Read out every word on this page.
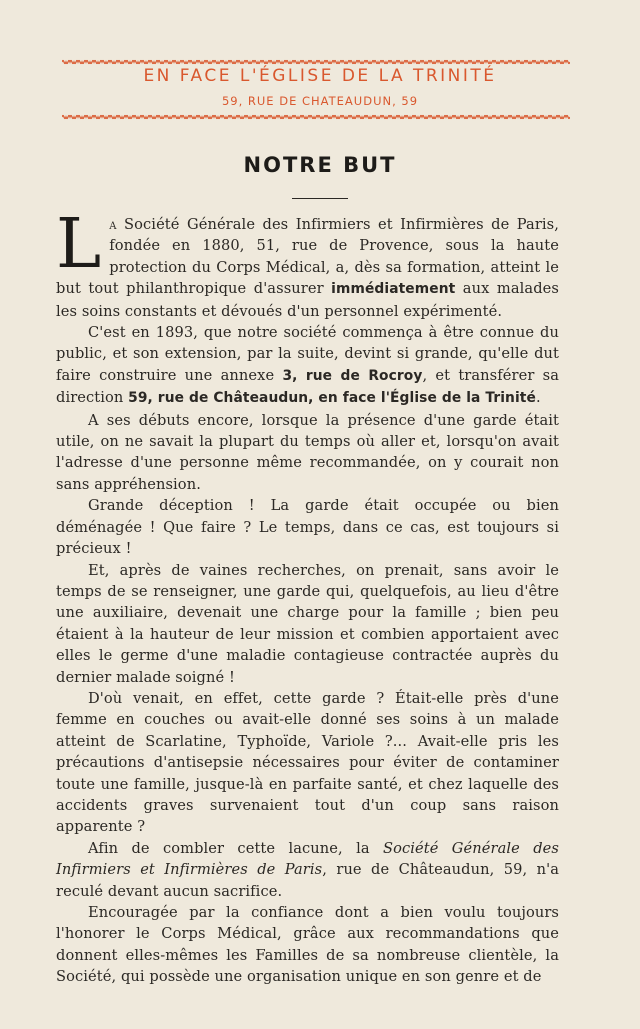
EN FACE L'ÉGLISE DE LA TRINITÉ
59, RUE DE CHATEAUDUN, 59
NOTRE BUT

La Société Générale des Infirmiers et Infirmières de Paris, fondée en 1880, 51, rue de Provence, sous la haute protection du Corps Médical, a, dès sa formation, atteint le but tout philanthropique d'assurer immédiatement aux malades les soins constants et dévoués d'un personnel expérimenté.

C'est en 1893, que notre société commença à être connue du public, et son extension, par la suite, devint si grande, qu'elle dut faire construire une annexe 3, rue de Rocroy, et transférer sa direction 59, rue de Châteaudun, en face l'Église de la Trinité.

A ses débuts encore, lorsque la présence d'une garde était utile, on ne savait la plupart du temps où aller et, lorsqu'on avait l'adresse d'une personne même recommandée, on y courait non sans appréhension.

Grande déception ! La garde était occupée ou bien déménagée ! Que faire ? Le temps, dans ce cas, est toujours si précieux !

Et, après de vaines recherches, on prenait, sans avoir le temps de se renseigner, une garde qui, quelquefois, au lieu d'être une auxiliaire, devenait une charge pour la famille ; bien peu étaient à la hauteur de leur mission et combien apportaient avec elles le germe d'une maladie contagieuse contractée auprès du dernier malade soigné !

D'où venait, en effet, cette garde ? Était-elle près d'une femme en couches ou avait-elle donné ses soins à un malade atteint de Scarlatine, Typhoïde, Variole ?... Avait-elle pris les précautions d'antisepsie nécessaires pour éviter de contaminer toute une famille, jusque-là en parfaite santé, et chez laquelle des accidents graves survenaient tout d'un coup sans raison apparente ?

Afin de combler cette lacune, la Société Générale des Infirmiers et Infirmières de Paris, rue de Châteaudun, 59, n'a reculé devant aucun sacrifice.

Encouragée par la confiance dont a bien voulu toujours l'honorer le Corps Médical, grâce aux recommandations que donnent elles-mêmes les Familles de sa nombreuse clientèle, la Société, qui possède une organisation unique en son genre et de
